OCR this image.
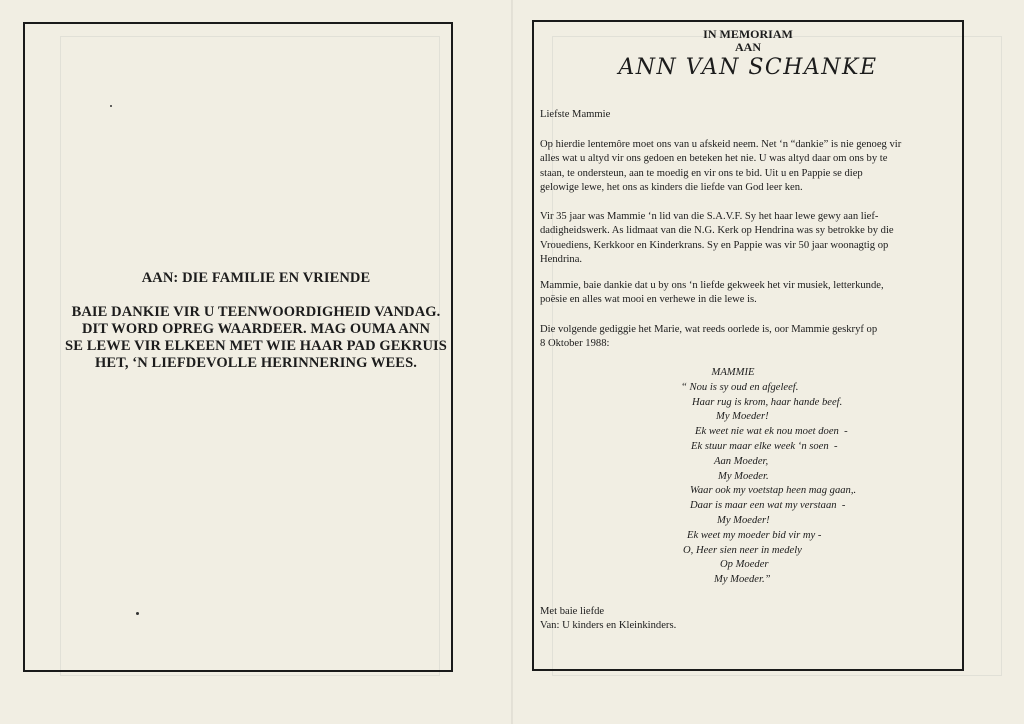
AAN: DIE FAMILIE EN VRIENDE
BAIE DANKIE VIR U TEENWOORDIGHEID VANDAG.
DIT WORD OPREG WAARDEER. MAG OUMA ANN
SE LEWE VIR ELKEEN MET WIE HAAR PAD GEKRUIS
HET, ‘N LIEFDEVOLLE HERINNERING WEES.
IN MEMORIAM
AAN
ANN VAN SCHANKE
Liefste Mammie
Op hierdie lentemôre moet ons van u afskeid neem. Net ‘n “dankie” is nie genoeg vir
alles wat u altyd vir ons gedoen en beteken het nie. U was altyd daar om ons by te
staan, te ondersteun, aan te moedig en vir ons te bid. Uit u en Pappie se diep
gelowige lewe, het ons as kinders die liefde van God leer ken.
Vir 35 jaar was Mammie ‘n lid van die S.A.V.F. Sy het haar lewe gewy aan lief-
dadigheidswerk. As lidmaat van die N.G. Kerk op Hendrina was sy betrokke by die
Vrouediens, Kerkkoor en Kinderkrans. Sy en Pappie was vir 50 jaar woonagtig op
Hendrina.
Mammie, baie dankie dat u by ons ‘n liefde gekweek het vir musiek, letterkunde,
poësie en alles wat mooi en verhewe in die lewe is.
Die volgende gediggie het Marie, wat reeds oorlede is, oor Mammie geskryf op
8 Oktober 1988:
MAMMIE
“ Nou is sy oud en afgeleef.
Haar rug is krom, haar hande beef.
My Moeder!
Ek weet nie wat ek nou moet doen  -
Ek stuur maar elke week ‘n soen  -
Aan Moeder,
My Moeder.
Waar ook my voetstap heen mag gaan,.
Daar is maar een wat my verstaan  -
My Moeder!
Ek weet my moeder bid vir my -
O, Heer sien neer in medely
Op Moeder
My Moeder.”
Met baie liefde
Van: U kinders en Kleinkinders.
